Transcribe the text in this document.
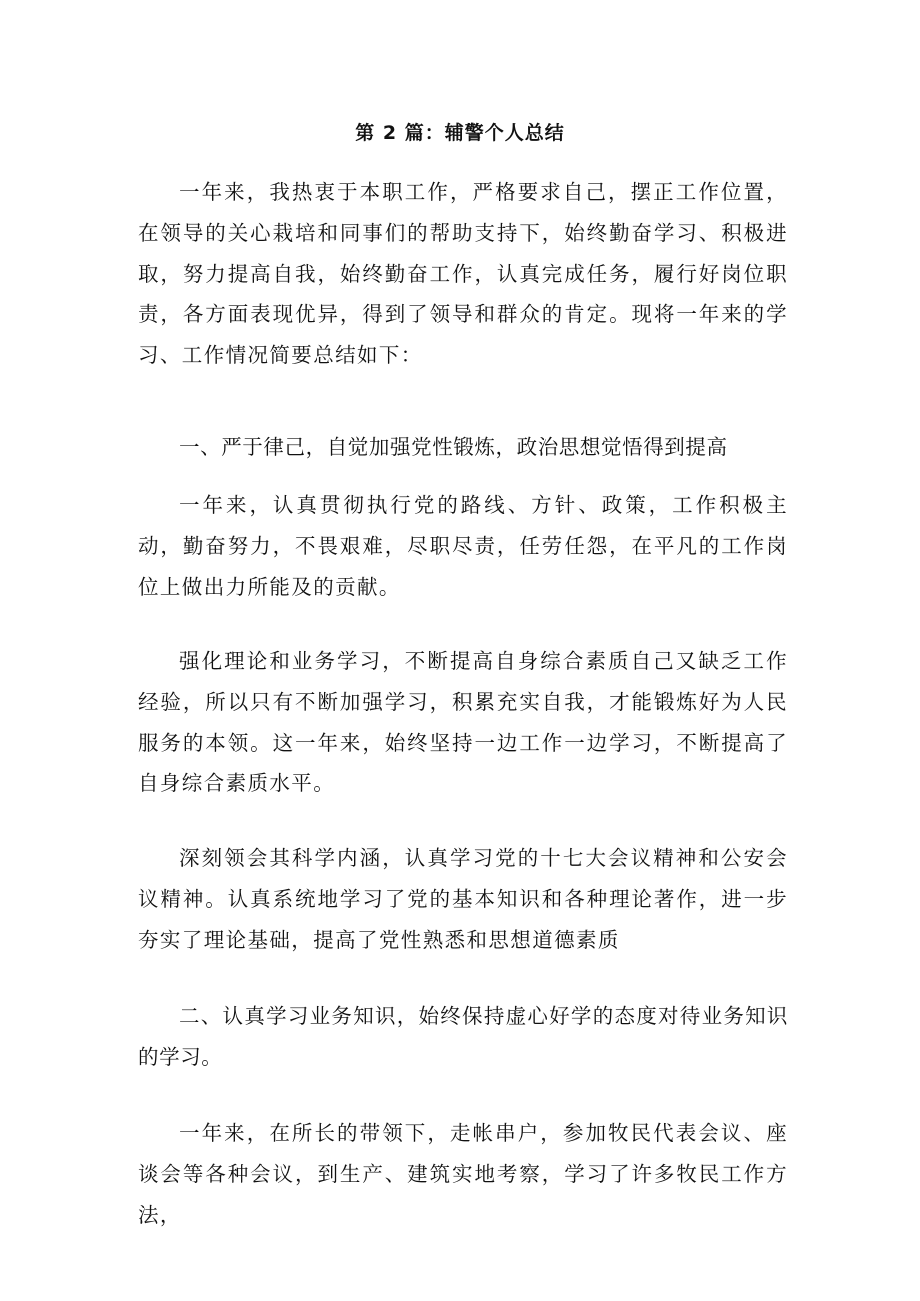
第 2 篇：辅警个人总结

一年来，我热衷于本职工作，严格要求自己，摆正工作位置，在领导的关心栽培和同事们的帮助支持下，始终勤奋学习、积极进取，努力提高自我，始终勤奋工作，认真完成任务，履行好岗位职责，各方面表现优异，得到了领导和群众的肯定。现将一年来的学习、工作情况简要总结如下：

一、严于律己，自觉加强党性锻炼，政治思想觉悟得到提高

一年来，认真贯彻执行党的路线、方针、政策，工作积极主动，勤奋努力，不畏艰难，尽职尽责，任劳任怨，在平凡的工作岗位上做出力所能及的贡献。

强化理论和业务学习，不断提高自身综合素质自己又缺乏工作经验，所以只有不断加强学习，积累充实自我，才能锻炼好为人民服务的本领。这一年来，始终坚持一边工作一边学习，不断提高了自身综合素质水平。

深刻领会其科学内涵，认真学习党的十七大会议精神和公安会议精神。认真系统地学习了党的基本知识和各种理论著作，进一步夯实了理论基础，提高了党性熟悉和思想道德素质

二、认真学习业务知识，始终保持虚心好学的态度对待业务知识的学习。

一年来，在所长的带领下，走帐串户，参加牧民代表会议、座谈会等各种会议，到生产、建筑实地考察，学习了许多牧民工作方法，
